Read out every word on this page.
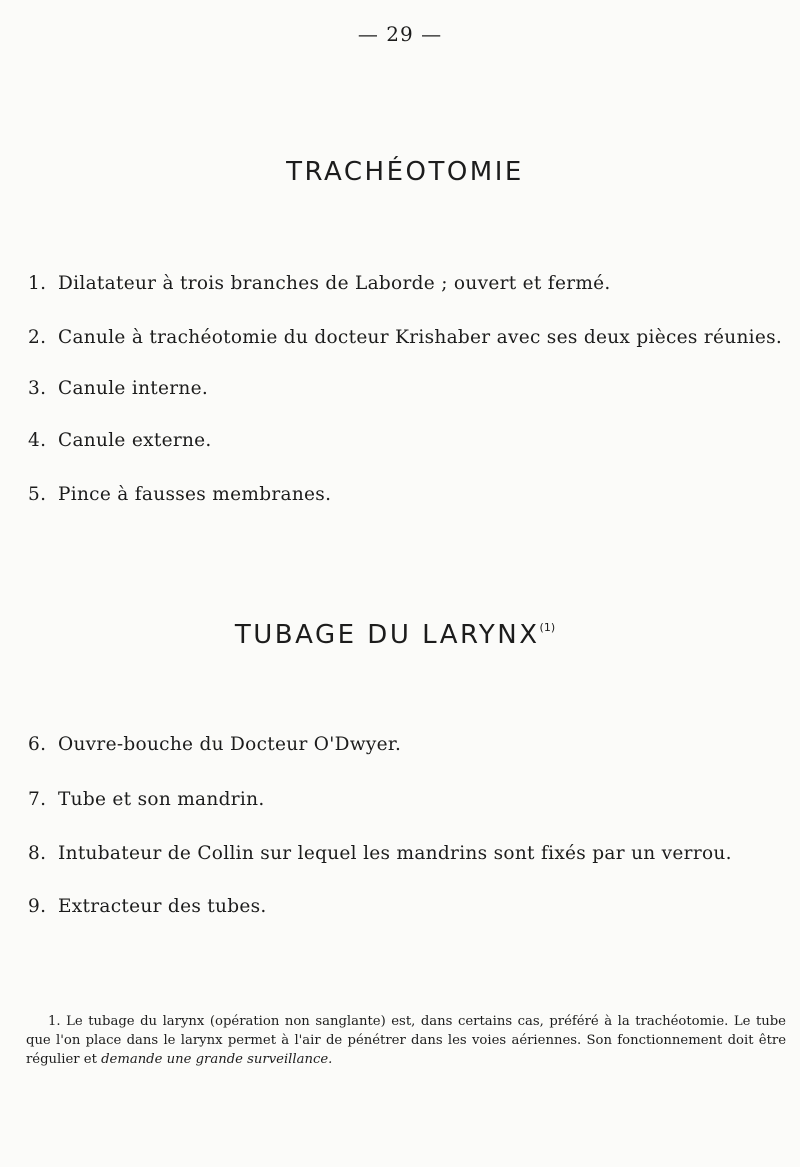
— 29 —
TRACHÉOTOMIE
1. Dilatateur à trois branches de Laborde ; ouvert et fermé.
2. Canule à trachéotomie du docteur Krishaber avec ses deux pièces réunies.
3. Canule interne.
4. Canule externe.
5. Pince à fausses membranes.
TUBAGE DU LARYNX$^{(1)}$
6. Ouvre-bouche du Docteur O'Dwyer.
7. Tube et son mandrin.
8. Intubateur de Collin sur lequel les mandrins sont fixés par un verrou.
9. Extracteur des tubes.
1. Le tubage du larynx (opération non sanglante) est, dans certains cas, préféré à la trachéotomie. Le tube que l'on place dans le larynx permet à l'air de pénétrer dans les voies aériennes. Son fonctionnement doit être régulier et demande une grande surveillance.
